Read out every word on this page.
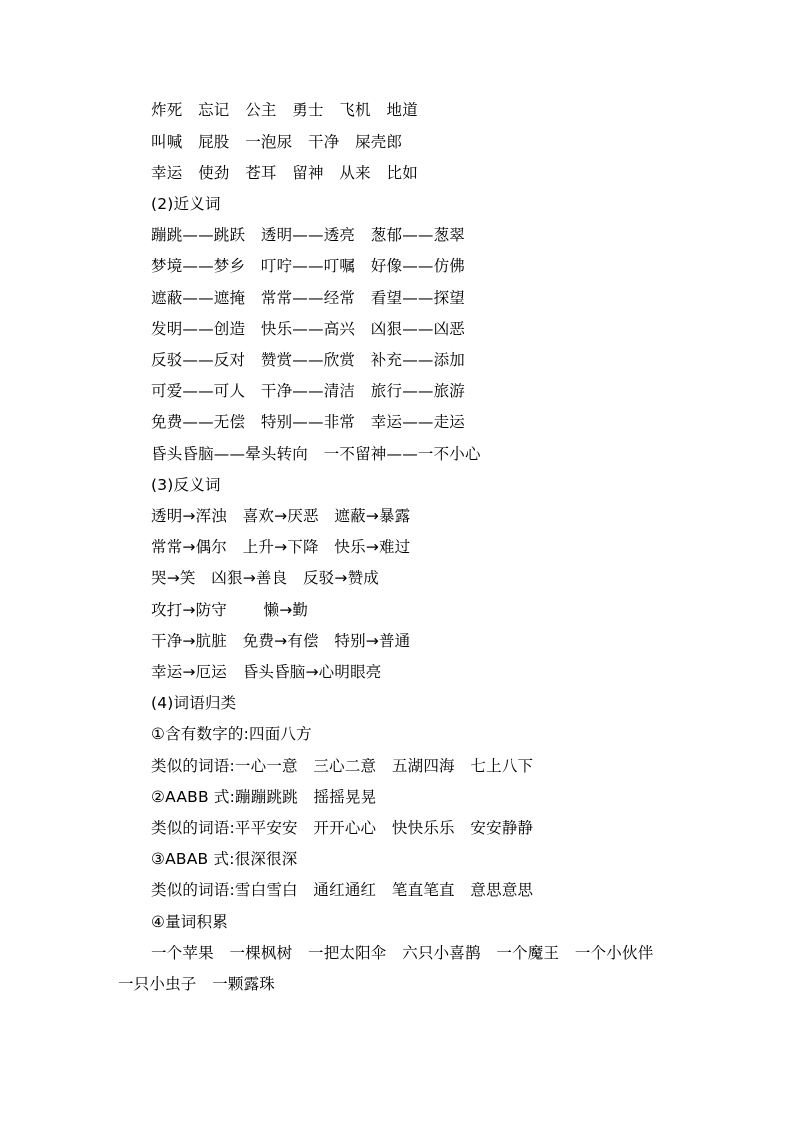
炸死　忘记　公主　勇士　飞机　地道
叫喊　屁股　一泡尿　干净　屎壳郎
幸运　使劲　苍耳　留神　从来　比如
(2)近义词
蹦跳——跳跃　透明——透亮　葱郁——葱翠
梦境——梦乡　叮咛——叮嘱　好像——仿佛
遮蔽——遮掩　常常——经常　看望——探望
发明——创造　快乐——高兴　凶狠——凶恶
反驳——反对　赞赏——欣赏　补充——添加
可爱——可人　干净——清洁　旅行——旅游
免费——无偿　特别——非常　幸运——走运
昏头昏脑——晕头转向　一不留神——一不小心
(3)反义词
透明→浑浊　喜欢→厌恶　遮蔽→暴露
常常→偶尔　上升→下降　快乐→难过
哭→笑　凶狠→善良　反驳→赞成
攻打→防守　　 懒→勤
干净→肮脏　免费→有偿　特别→普通
幸运→厄运　昏头昏脑→心明眼亮
(4)词语归类
①含有数字的:四面八方
类似的词语:一心一意　三心二意　五湖四海　七上八下
②AABB 式:蹦蹦跳跳　摇摇晃晃
类似的词语:平平安安　开开心心　快快乐乐　安安静静
③ABAB 式:很深很深
类似的词语:雪白雪白　通红通红　笔直笔直　意思意思
④量词积累
一个苹果　一棵枫树　一把太阳伞　六只小喜鹊　一个魔王　一个小伙伴
一只小虫子　一颗露珠
